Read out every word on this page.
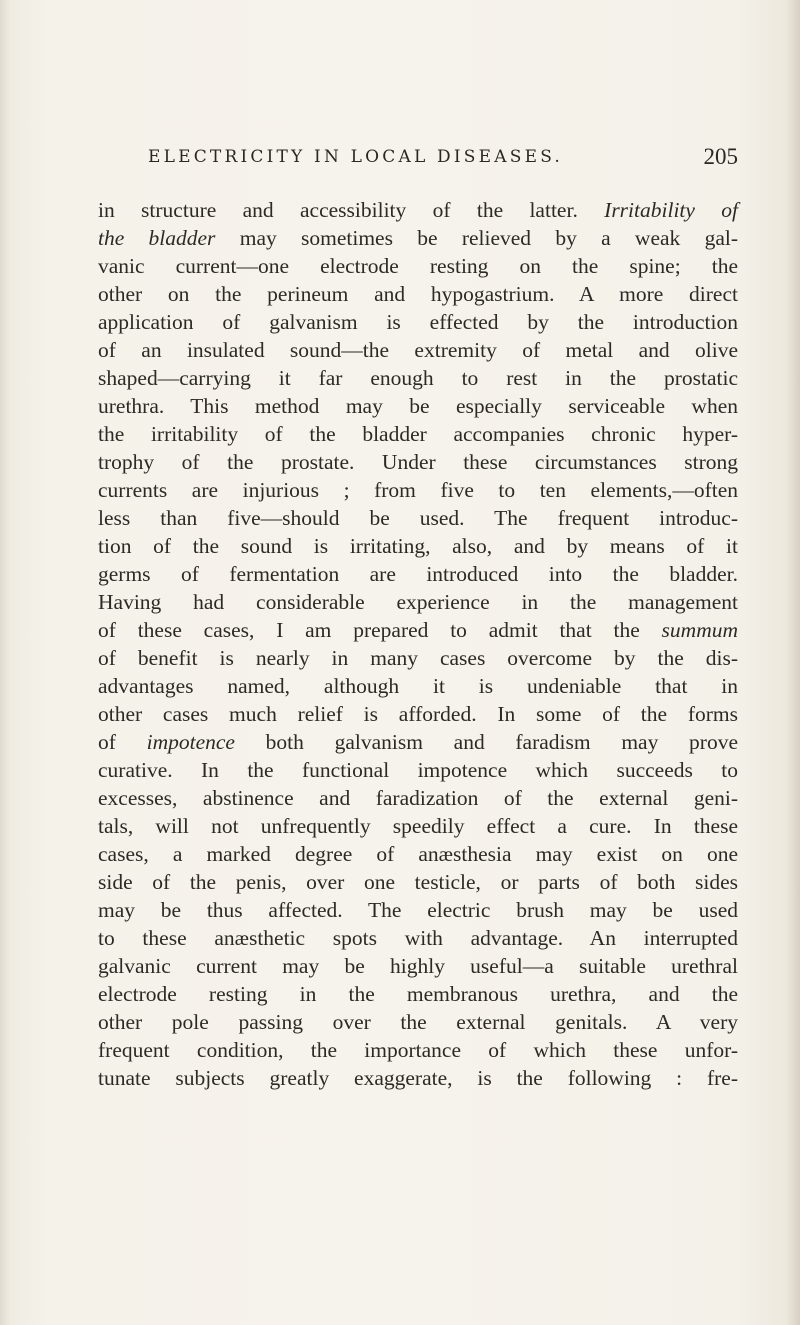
ELECTRICITY IN LOCAL DISEASES.	205
in structure and accessibility of the latter. Irritability of
the bladder may sometimes be relieved by a weak gal-
vanic current—one electrode resting on the spine; the
other on the perineum and hypogastrium. A more direct
application of galvanism is effected by the introduction
of an insulated sound—the extremity of metal and olive
shaped—carrying it far enough to rest in the prostatic
urethra. This method may be especially serviceable when
the irritability of the bladder accompanies chronic hyper-
trophy of the prostate. Under these circumstances strong
currents are injurious ; from five to ten elements,—often
less than five—should be used. The frequent introduc-
tion of the sound is irritating, also, and by means of it
germs of fermentation are introduced into the bladder.
Having had considerable experience in the management
of these cases, I am prepared to admit that the summum
of benefit is nearly in many cases overcome by the dis-
advantages named, although it is undeniable that in
other cases much relief is afforded. In some of the forms
of impotence both galvanism and faradism may prove
curative. In the functional impotence which succeeds to
excesses, abstinence and faradization of the external geni-
tals, will not unfrequently speedily effect a cure. In these
cases, a marked degree of anæsthesia may exist on one
side of the penis, over one testicle, or parts of both sides
may be thus affected. The electric brush may be used
to these anæsthetic spots with advantage. An interrupted
galvanic current may be highly useful—a suitable urethral
electrode resting in the membranous urethra, and the
other pole passing over the external genitals. A very
frequent condition, the importance of which these unfor-
tunate subjects greatly exaggerate, is the following : fre-
